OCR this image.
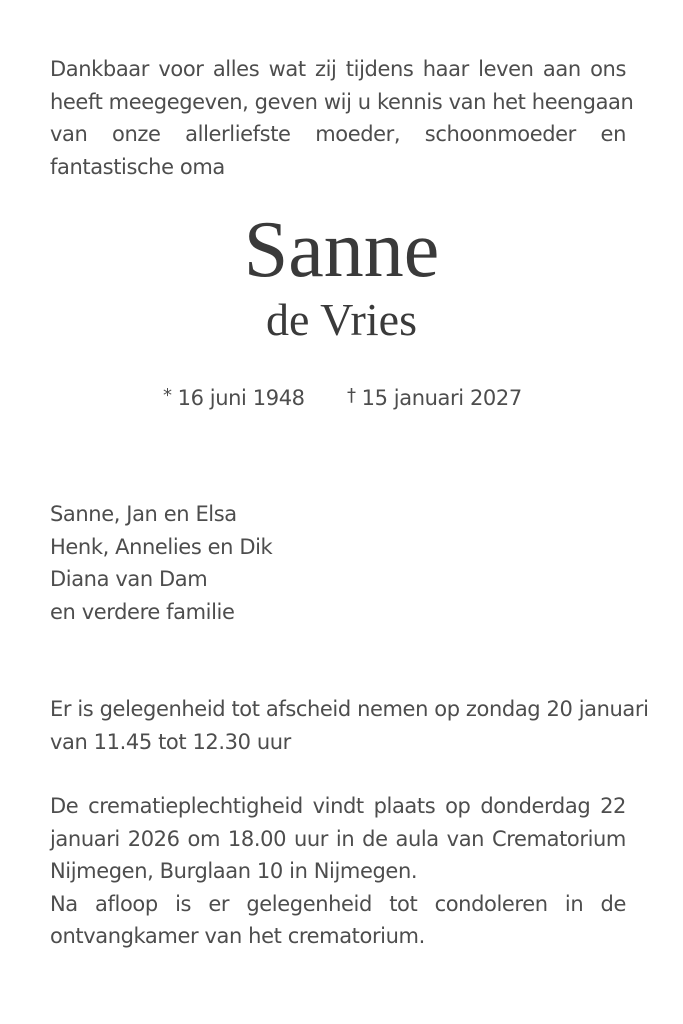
Dankbaar voor alles wat zij tijdens haar leven aan ons
heeft meegegeven, geven wij u kennis van het heengaan
van onze allerliefste moeder, schoonmoeder en
fantastische oma
Sanne
de Vries
* 16 juni 1948 † 15 januari 2027
Sanne, Jan en Elsa
Henk, Annelies en Dik
Diana van Dam
en verdere familie
Er is gelegenheid tot afscheid nemen op zondag 20 januari
van 11.45 tot 12.30 uur
De crematieplechtigheid vindt plaats op donderdag 22
januari 2026 om 18.00 uur in de aula van Crematorium
Nijmegen, Burglaan 10 in Nijmegen.
Na afloop is er gelegenheid tot condoleren in de
ontvangkamer van het crematorium.
